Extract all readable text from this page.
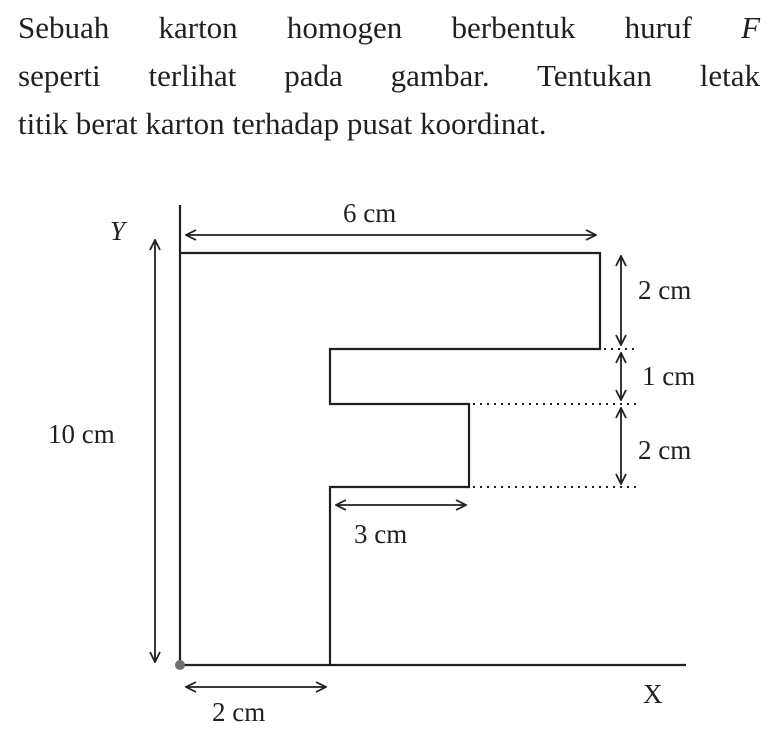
Sebuah karton homogen berbentuk huruf F
seperti terlihat pada gambar. Tentukan letak
titik berat karton terhadap pusat koordinat.

Y
X
6 cm
10 cm
2 cm
1 cm
2 cm
3 cm
2 cm
